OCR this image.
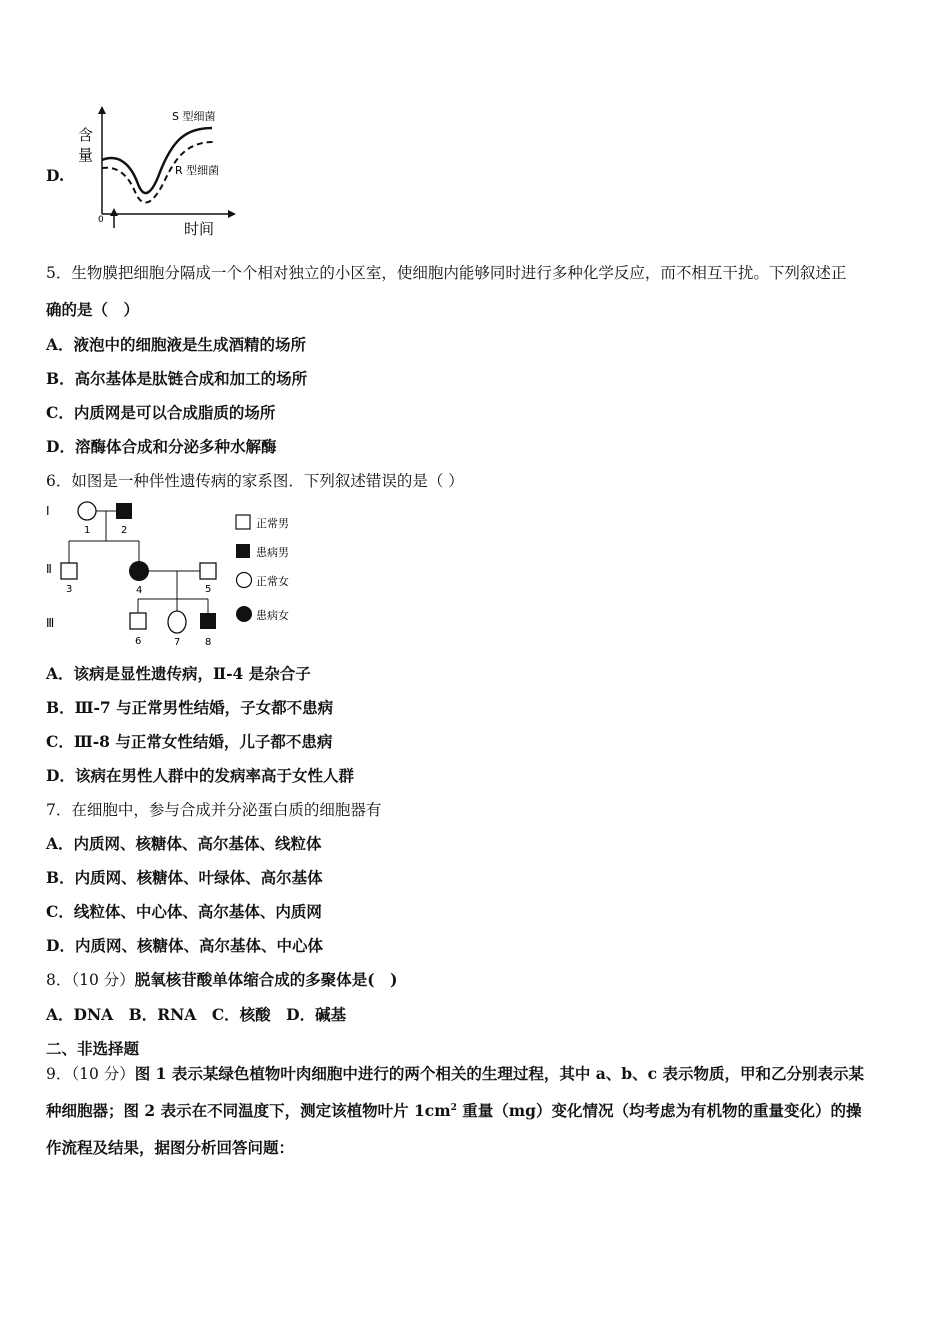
D.
含
量
0	时间
S 型细菌
R 型细菌
5．生物膜把细胞分隔成一个个相对独立的小区室，使细胞内能够同时进行多种化学反应，而不相互干扰。下列叙述正
确的是（　）
A．液泡中的细胞液是生成酒精的场所
B．高尔基体是肽链合成和加工的场所
C．内质网是可以合成脂质的场所
D．溶酶体合成和分泌多种水解酶
6．如图是一种伴性遗传病的家系图．下列叙述错误的是（ ）
Ⅰ
Ⅱ
Ⅲ
1	2
3	4	5
6	7 8
正常男
患病男
正常女
患病女
A．该病是显性遗传病，Ⅱ-4 是杂合子
B．Ⅲ-7 与正常男性结婚，子女都不患病
C．Ⅲ-8 与正常女性结婚，儿子都不患病
D．该病在男性人群中的发病率高于女性人群
7．在细胞中，参与合成并分泌蛋白质的细胞器有
A．内质网、核糖体、高尔基体、线粒体
B．内质网、核糖体、叶绿体、高尔基体
C．线粒体、中心体、高尔基体、内质网
D．内质网、核糖体、高尔基体、中心体
8．（10 分）脱氧核苷酸单体缩合成的多聚体是(　)
A．DNA　B．RNA　C．核酸　D．碱基
二、非选择题
9．（10 分）图 1 表示某绿色植物叶肉细胞中进行的两个相关的生理过程，其中 a、b、c 表示物质，甲和乙分别表示某
种细胞器；图 2 表示在不同温度下，测定该植物叶片 $1cm^2$ 重量（mg）变化情况（均考虑为有机物的重量变化）的操
作流程及结果，据图分析回答问题：
